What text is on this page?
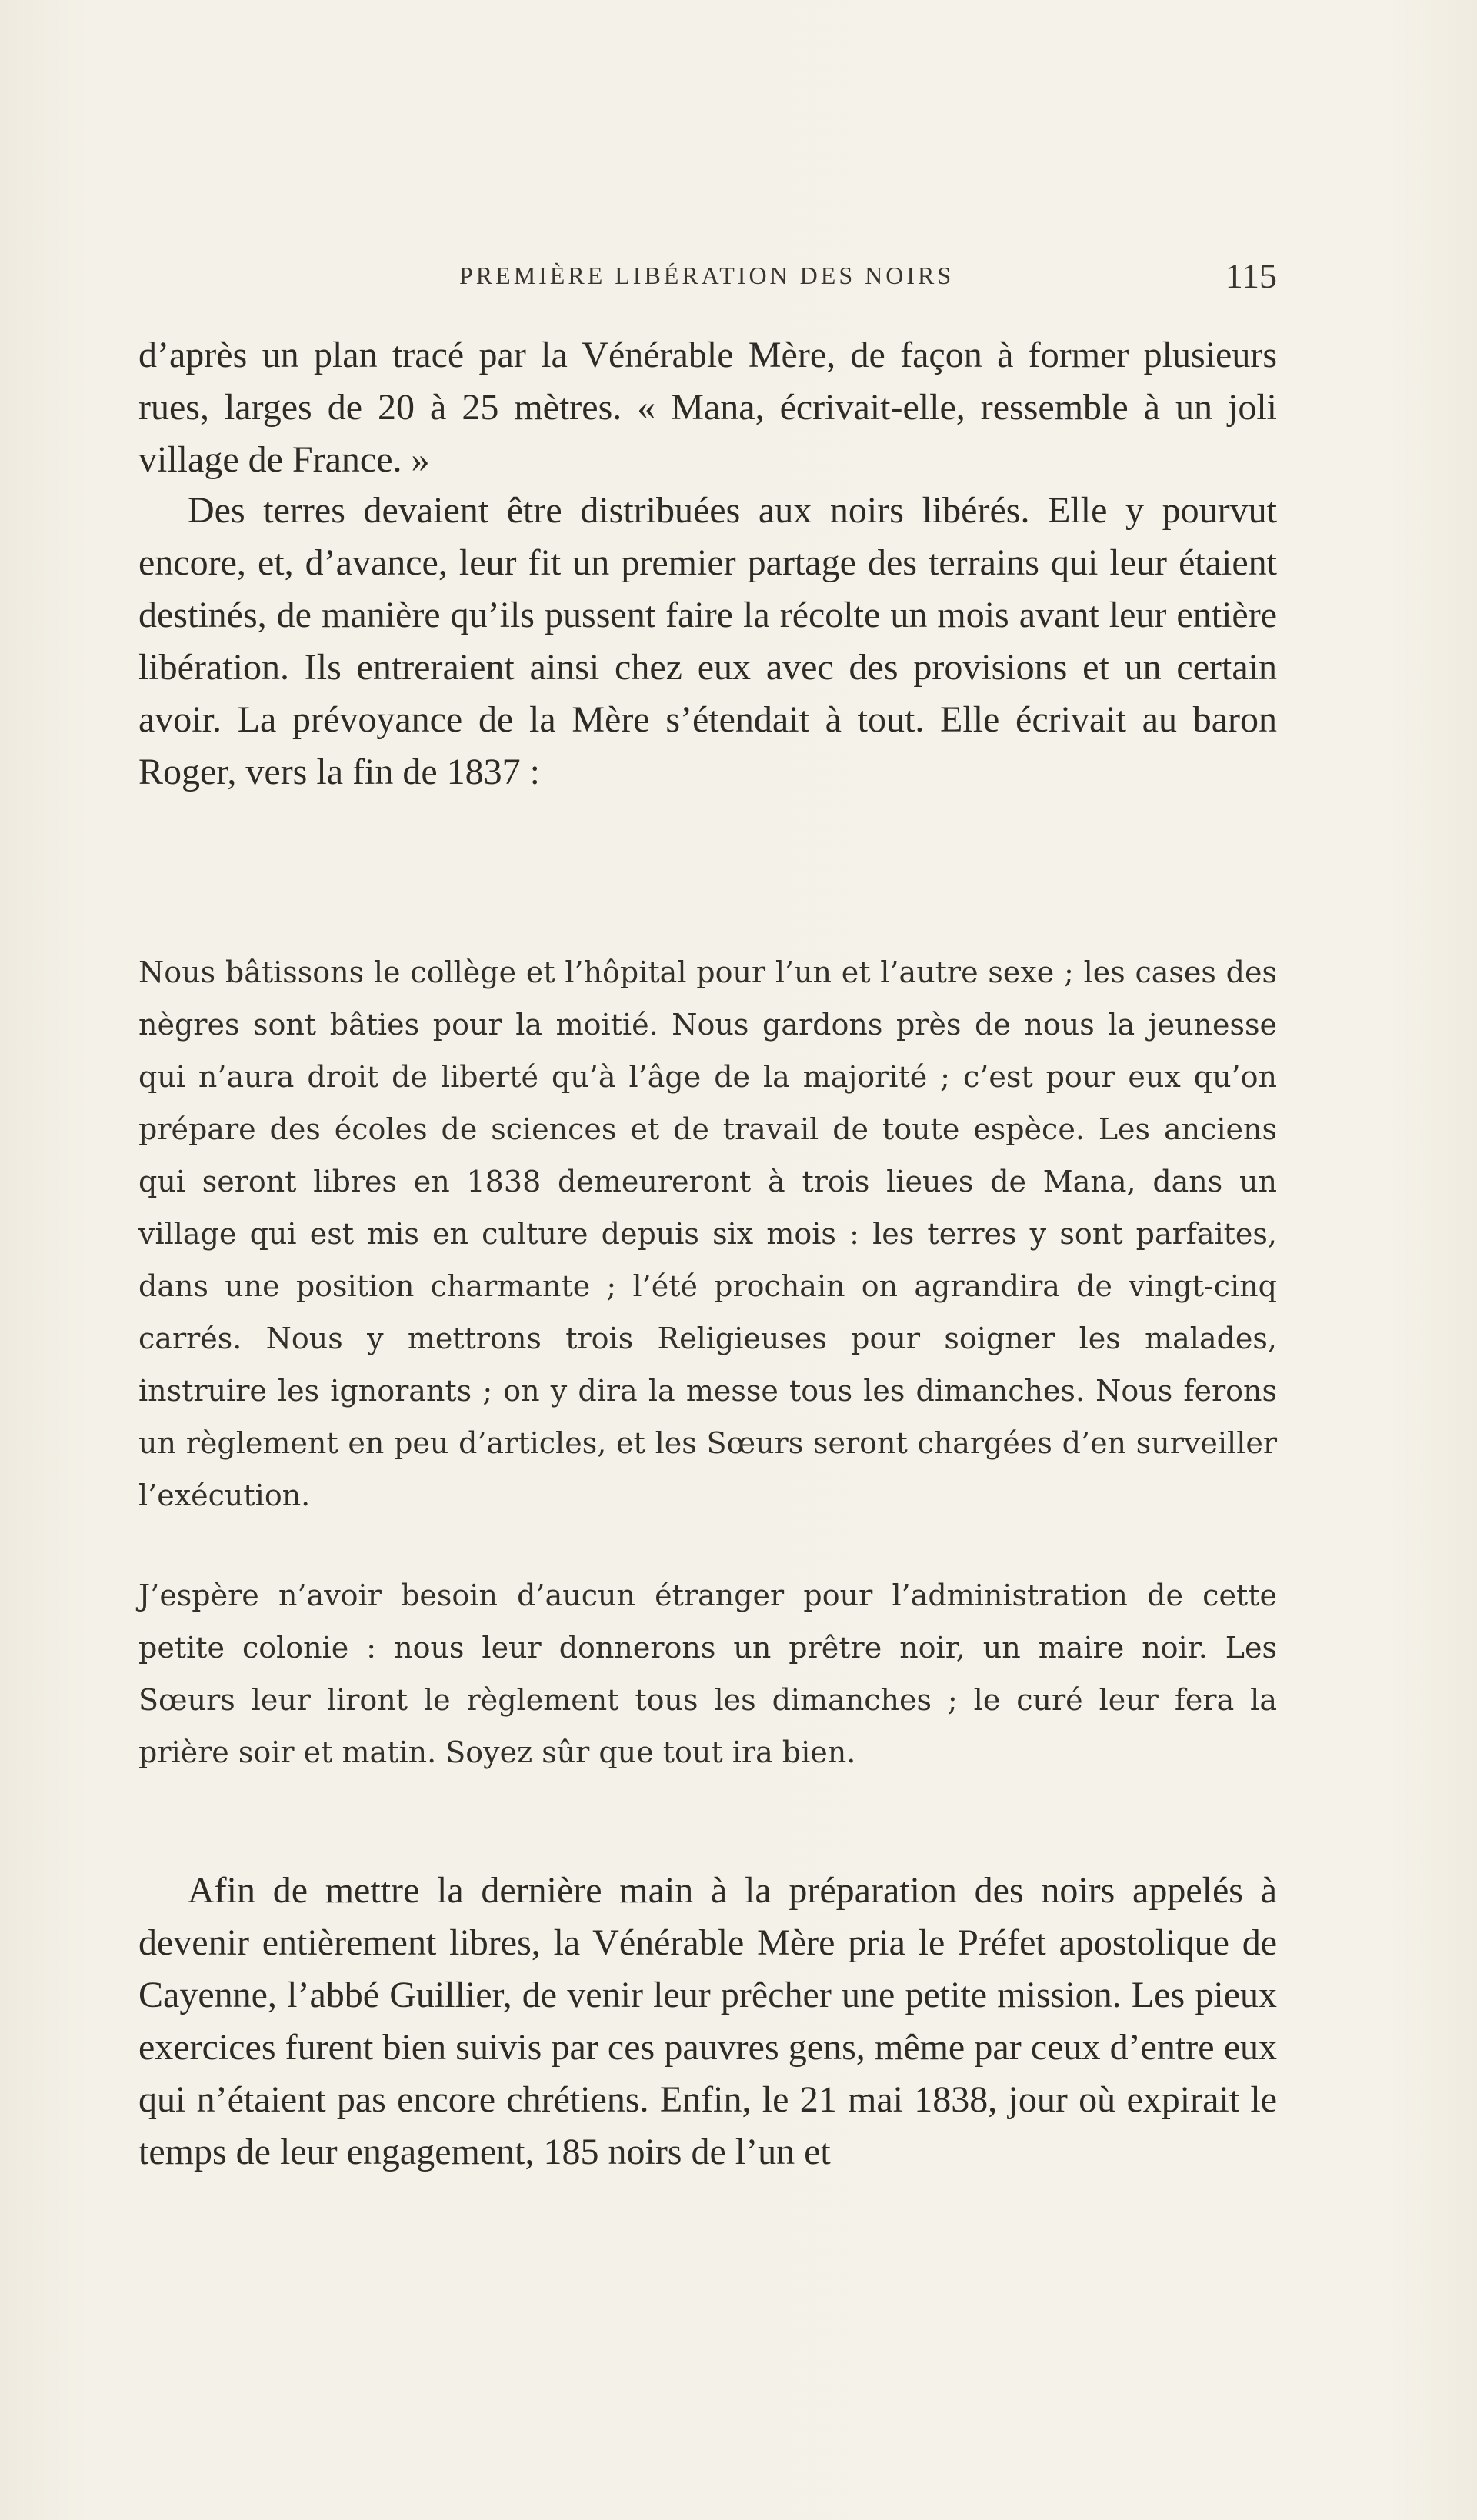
PREMIÈRE LIBÉRATION DES NOIRS	115

d’après un plan tracé par la Vénérable Mère, de façon à former plusieurs rues, larges de 20 à 25 mètres. « Mana, écrivait-elle, ressemble à un joli village de France. »

Des terres devaient être distribuées aux noirs libérés. Elle y pourvut encore, et, d’avance, leur fit un premier partage des terrains qui leur étaient destinés, de manière qu’ils pussent faire la récolte un mois avant leur entière libération. Ils entreraient ainsi chez eux avec des provisions et un certain avoir. La prévoyance de la Mère s’étendait à tout. Elle écrivait au baron Roger, vers la fin de 1837 :

Nous bâtissons le collège et l’hôpital pour l’un et l’autre sexe ; les cases des nègres sont bâties pour la moitié. Nous gardons près de nous la jeunesse qui n’aura droit de liberté qu’à l’âge de la majorité ; c’est pour eux qu’on prépare des écoles de sciences et de travail de toute espèce. Les anciens qui seront libres en 1838 demeureront à trois lieues de Mana, dans un village qui est mis en culture depuis six mois : les terres y sont parfaites, dans une position charmante ; l’été prochain on agrandira de vingt-cinq carrés. Nous y mettrons trois Religieuses pour soigner les malades, instruire les ignorants ; on y dira la messe tous les dimanches. Nous ferons un règlement en peu d’articles, et les Sœurs seront chargées d’en surveiller l’exécution.

J’espère n’avoir besoin d’aucun étranger pour l’administration de cette petite colonie : nous leur donnerons un prêtre noir, un maire noir. Les Sœurs leur liront le règlement tous les dimanches ; le curé leur fera la prière soir et matin. Soyez sûr que tout ira bien.

Afin de mettre la dernière main à la préparation des noirs appelés à devenir entièrement libres, la Vénérable Mère pria le Préfet apostolique de Cayenne, l’abbé Guillier, de venir leur prêcher une petite mission. Les pieux exercices furent bien suivis par ces pauvres gens, même par ceux d’entre eux qui n’étaient pas encore chrétiens. Enfin, le 21 mai 1838, jour où expirait le temps de leur engagement, 185 noirs de l’un et
